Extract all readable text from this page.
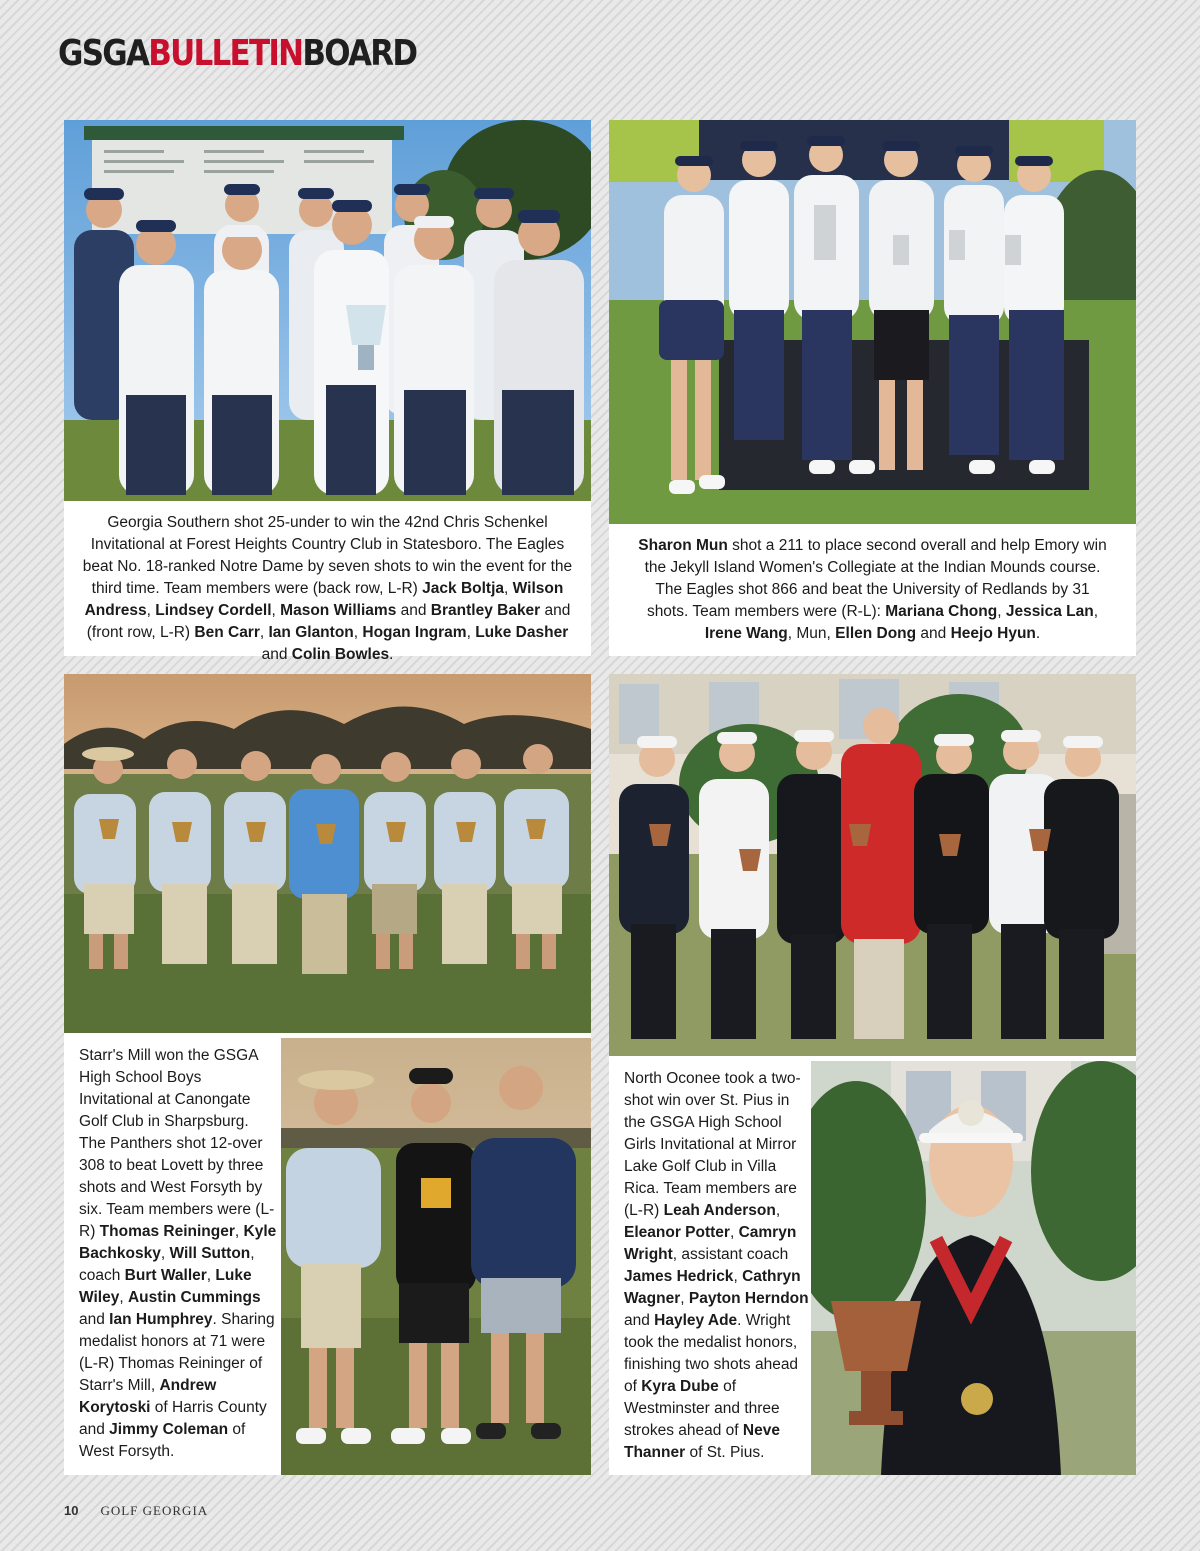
GSGABULLETINBOARD
Georgia Southern shot 25-under to win the 42nd Chris Schenkel Invitational at Forest Heights Country Club in Statesboro. The Eagles beat No. 18-ranked Notre Dame by seven shots to win the event for the third time. Team members were (back row, L-R) Jack Boltja, Wilson Andress, Lindsey Cordell, Mason Williams and Brantley Baker and (front row, L-R) Ben Carr, Ian Glanton, Hogan Ingram, Luke Dasher and Colin Bowles.
Sharon Mun shot a 211 to place second overall and help Emory win the Jekyll Island Women's Collegiate at the Indian Mounds course. The Eagles shot 866 and beat the University of Redlands by 31 shots. Team members were (R-L): Mariana Chong, Jessica Lan, Irene Wang, Mun, Ellen Dong and Heejo Hyun.
Starr's Mill won the GSGA High School Boys Invitational at Canongate Golf Club in Sharpsburg. The Panthers shot 12-over 308 to beat Lovett by three shots and West Forsyth by six. Team members were (L-R) Thomas Reininger, Kyle Bachkosky, Will Sutton, coach Burt Waller, Luke Wiley, Austin Cummings and Ian Humphrey. Sharing medalist honors at 71 were (L-R) Thomas Reininger of Starr's Mill, Andrew Korytoski of Harris County and Jimmy Coleman of West Forsyth.
North Oconee took a two-shot win over St. Pius in the GSGA High School Girls Invitational at Mirror Lake Golf Club in Villa Rica. Team members are (L-R) Leah Anderson, Eleanor Potter, Camryn Wright, assistant coach James Hedrick, Cathryn Wagner, Payton Herndon and Hayley Ade. Wright took the medalist honors, finishing two shots ahead of Kyra Dube of Westminster and three strokes ahead of Neve Thanner of St. Pius.
10 GOLF GEORGIA
